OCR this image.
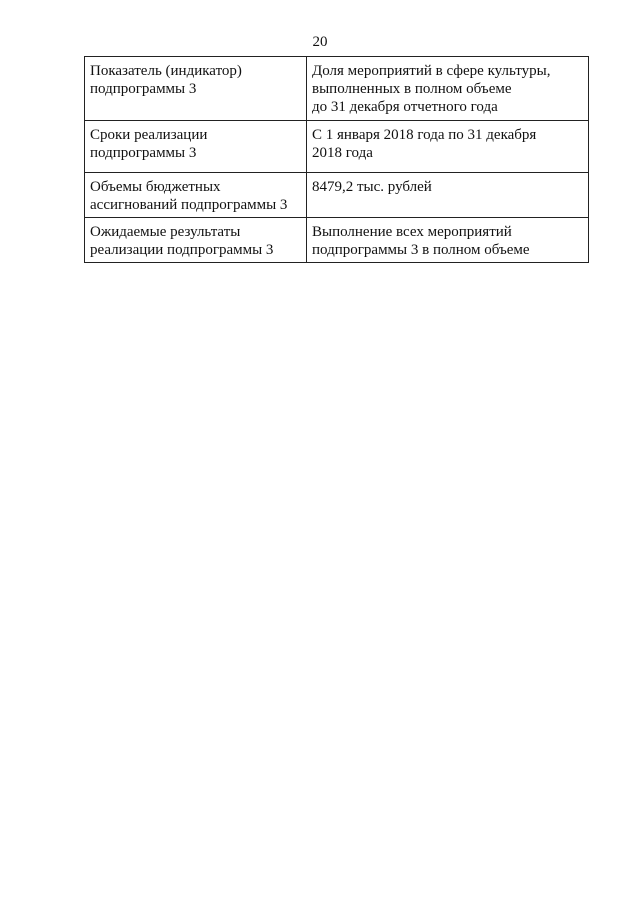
20
Показатель (индикатор)
подпрограммы 3	Доля мероприятий в сфере культуры,
выполненных в полном объеме
до 31 декабря отчетного года

Сроки реализации
подпрограммы 3	С 1 января 2018 года по 31 декабря
2018 года

Объемы бюджетных
ассигнований подпрограммы 3	8479,2 тыс. рублей

Ожидаемые результаты
реализации подпрограммы 3	Выполнение всех мероприятий
подпрограммы 3 в полном объеме
